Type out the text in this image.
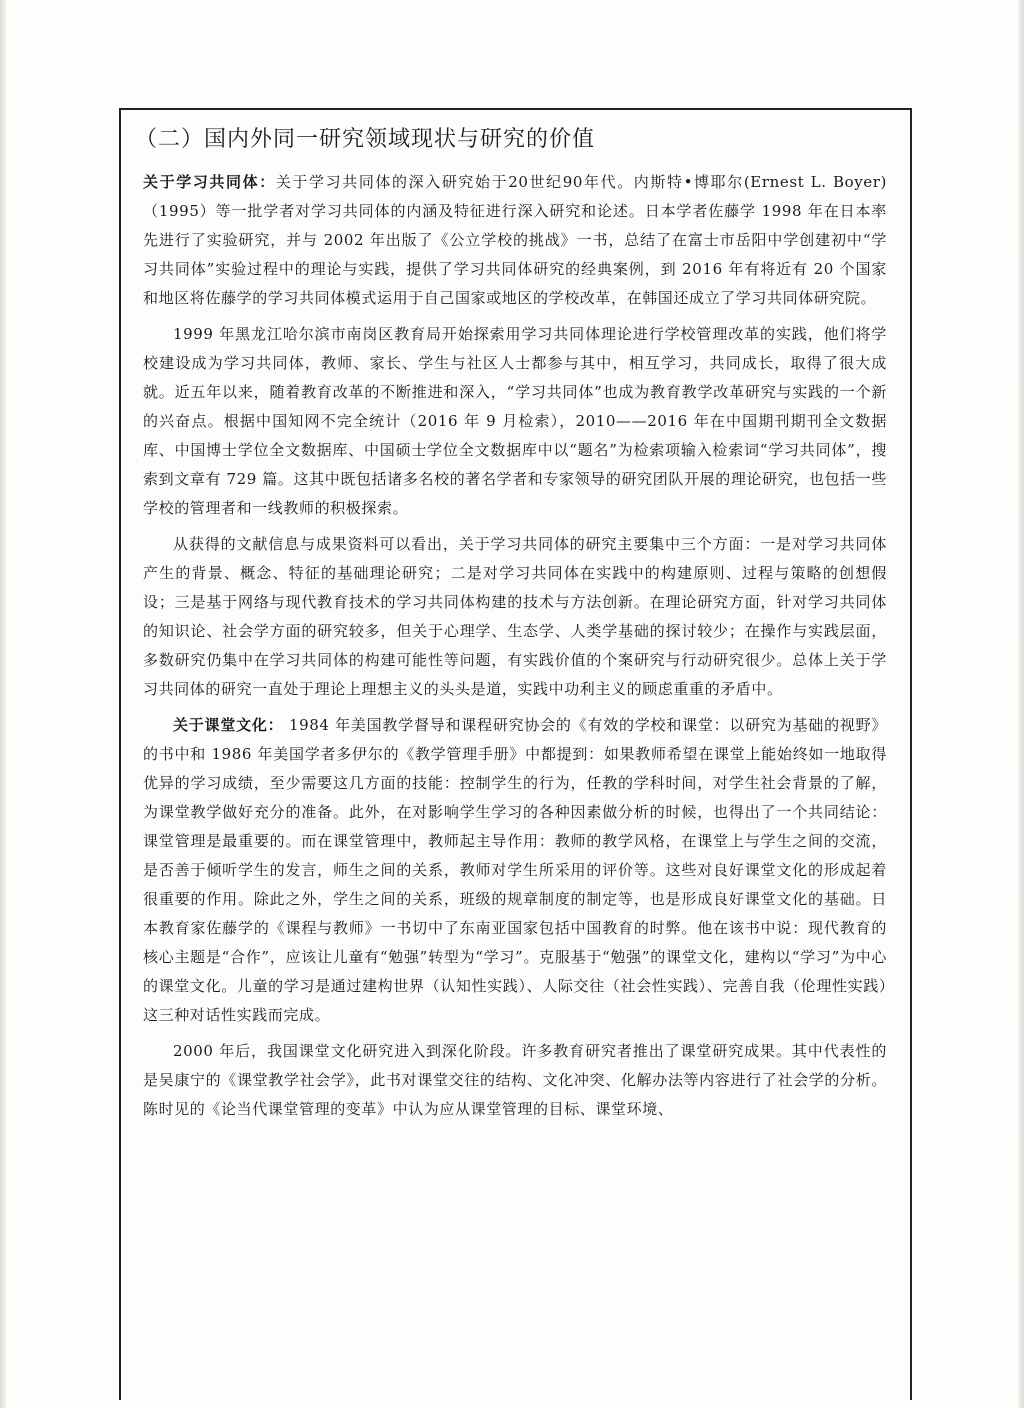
（二）国内外同一研究领域现状与研究的价值

关于学习共同体：关于学习共同体的深入研究始于20世纪90年代。内斯特•博耶尔(Ernest L. Boyer)（1995）等一批学者对学习共同体的内涵及特征进行深入研究和论述。日本学者佐藤学 1998 年在日本率先进行了实验研究，并与 2002 年出版了《公立学校的挑战》一书，总结了在富士市岳阳中学创建初中“学习共同体”实验过程中的理论与实践，提供了学习共同体研究的经典案例，到 2016 年有将近有 20 个国家和地区将佐藤学的学习共同体模式运用于自己国家或地区的学校改革，在韩国还成立了学习共同体研究院。

1999 年黑龙江哈尔滨市南岗区教育局开始探索用学习共同体理论进行学校管理改革的实践，他们将学校建设成为学习共同体，教师、家长、学生与社区人士都参与其中，相互学习，共同成长，取得了很大成就。近五年以来，随着教育改革的不断推进和深入，“学习共同体”也成为教育教学改革研究与实践的一个新的兴奋点。根据中国知网不完全统计（2016 年 9 月检索），2010——2016 年在中国期刊期刊全文数据库、中国博士学位全文数据库、中国硕士学位全文数据库中以“题名”为检索项输入检索词“学习共同体”，搜索到文章有 729 篇。这其中既包括诸多名校的著名学者和专家领导的研究团队开展的理论研究，也包括一些学校的管理者和一线教师的积极探索。

从获得的文献信息与成果资料可以看出，关于学习共同体的研究主要集中三个方面：一是对学习共同体产生的背景、概念、特征的基础理论研究；二是对学习共同体在实践中的构建原则、过程与策略的创想假设；三是基于网络与现代教育技术的学习共同体构建的技术与方法创新。在理论研究方面，针对学习共同体的知识论、社会学方面的研究较多，但关于心理学、生态学、人类学基础的探讨较少；在操作与实践层面，多数研究仍集中在学习共同体的构建可能性等问题，有实践价值的个案研究与行动研究很少。总体上关于学习共同体的研究一直处于理论上理想主义的头头是道，实践中功利主义的顾虑重重的矛盾中。

关于课堂文化： 1984 年美国教学督导和课程研究协会的《有效的学校和课堂：以研究为基础的视野》的书中和 1986 年美国学者多伊尔的《教学管理手册》中都提到：如果教师希望在课堂上能始终如一地取得优异的学习成绩，至少需要这几方面的技能：控制学生的行为，任教的学科时间，对学生社会背景的了解，为课堂教学做好充分的准备。此外，在对影响学生学习的各种因素做分析的时候，也得出了一个共同结论：课堂管理是最重要的。而在课堂管理中，教师起主导作用：教师的教学风格，在课堂上与学生之间的交流，是否善于倾听学生的发言，师生之间的关系，教师对学生所采用的评价等。这些对良好课堂文化的形成起着很重要的作用。除此之外，学生之间的关系，班级的规章制度的制定等，也是形成良好课堂文化的基础。日本教育家佐藤学的《课程与教师》一书切中了东南亚国家包括中国教育的时弊。他在该书中说：现代教育的核心主题是“合作”，应该让儿童有“勉强”转型为“学习”。克服基于“勉强”的课堂文化，建构以“学习”为中心的课堂文化。儿童的学习是通过建构世界（认知性实践）、人际交往（社会性实践）、完善自我（伦理性实践）这三种对话性实践而完成。

2000 年后，我国课堂文化研究进入到深化阶段。许多教育研究者推出了课堂研究成果。其中代表性的是吴康宁的《课堂教学社会学》，此书对课堂交往的结构、文化冲突、化解办法等内容进行了社会学的分析。陈时见的《论当代课堂管理的变革》中认为应从课堂管理的目标、课堂环境、
